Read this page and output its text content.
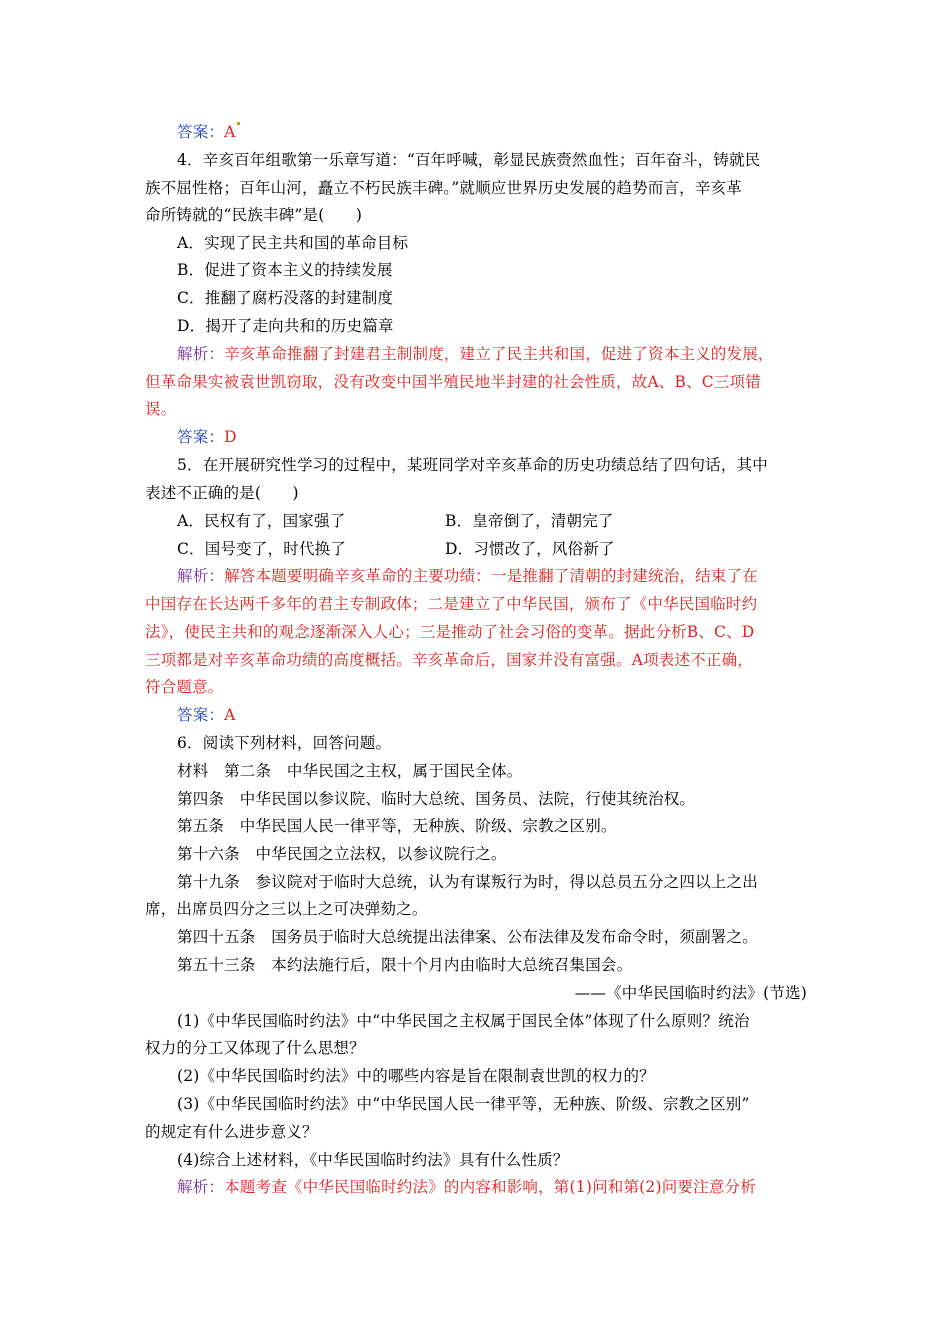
答案：A
4．辛亥百年组歌第一乐章写道：“百年呼喊，彰显民族赍然血性；百年奋斗，铸就民
族不屈性格；百年山河，矗立不朽民族丰碑。”就顺应世界历史发展的趋势而言，辛亥革
命所铸就的“民族丰碑”是(　　)
A．实现了民主共和国的革命目标
B．促进了资本主义的持续发展
C．推翻了腐朽没落的封建制度
D．揭开了走向共和的历史篇章
解析：辛亥革命推翻了封建君主制制度，建立了民主共和国，促进了资本主义的发展，
但革命果实被袁世凯窃取，没有改变中国半殖民地半封建的社会性质，故A、B、C三项错
误。
答案：D
5．在开展研究性学习的过程中，某班同学对辛亥革命的历史功绩总结了四句话，其中
表述不正确的是(　　)
A．民权有了，国家强了	B．皇帝倒了，清朝完了
C．国号变了，时代换了	D．习惯改了，风俗新了
解析：解答本题要明确辛亥革命的主要功绩：一是推翻了清朝的封建统治，结束了在
中国存在长达两千多年的君主专制政体；二是建立了中华民国，颁布了《中华民国临时约
法》，使民主共和的观念逐渐深入人心；三是推动了社会习俗的变革。据此分析B、C、D
三项都是对辛亥革命功绩的高度概括。辛亥革命后，国家并没有富强。A项表述不正确，
符合题意。
答案：A
6．阅读下列材料，回答问题。
材料　第二条　中华民国之主权，属于国民全体。
第四条　中华民国以参议院、临时大总统、国务员、法院，行使其统治权。
第五条　中华民国人民一律平等，无种族、阶级、宗教之区别。
第十六条　中华民国之立法权，以参议院行之。
第十九条　参议院对于临时大总统，认为有谋叛行为时，得以总员五分之四以上之出
席，出席员四分之三以上之可决弹劾之。
第四十五条　国务员于临时大总统提出法律案、公布法律及发布命令时，须副署之。
第五十三条　本约法施行后，限十个月内由临时大总统召集国会。
——《中华民国临时约法》(节选)
(1)《中华民国临时约法》中“中华民国之主权属于国民全体”体现了什么原则？统治
权力的分工又体现了什么思想？
(2)《中华民国临时约法》中的哪些内容是旨在限制袁世凯的权力的？
(3)《中华民国临时约法》中“中华民国人民一律平等，无种族、阶级、宗教之区别”
的规定有什么进步意义？
(4)综合上述材料，《中华民国临时约法》具有什么性质？
解析：本题考查《中华民国临时约法》的内容和影响，第(1)问和第(2)问要注意分析
